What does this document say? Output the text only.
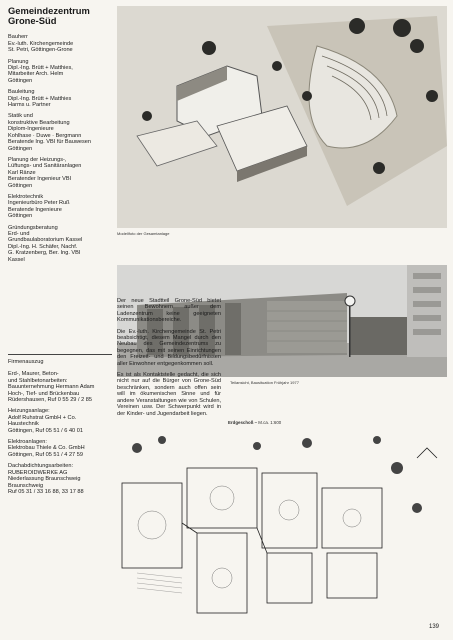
Gemeindezentrum
Grone-Süd
Bauherr
Ev.-luth. Kirchengemeinde
St. Petri, Göttingen-Grone
Planung
Dipl.-Ing. Brütt + Matthies,
Mitarbeiter Arch. Helm
Göttingen
Bauleitung
Dipl.-Ing. Brütt + Matthies
Harms u. Partner
Statik und
konstruktive Bearbeitung
Diplom-Ingenieure
Kohlhase · Duwe · Bergmann
Beratende Ing. VBI für Bauwesen
Göttingen
Planung der Heizungs-,
Lüftungs- und Sanitäranlagen
Karl Ränze
Beratender Ingenieur VBI
Göttingen
Elektrotechnik
Ingenieurbüro Peter Ruß
Beratende Ingenieure
Göttingen
Gründungsberatung
Erd- und
Grundbaulaboratorium Kassel
Dipl.-Ing. H. Schäfer, Nachf.
G. Kratzenberg, Ber. Ing. VBI
Kassel
Firmenauszug
Erd-, Maurer, Beton-
und Stahlbetonarbeiten:
Bauunternehmung Hermann Adam
Hoch-, Tief- und Brückenbau
Rüdershausen, Ruf 0 55 29 / 2 85
Heizungsanlage:
Adolf Ruhstrat GmbH + Co.
Haustechnik
Göttingen, Ruf 05 51 / 6 40 01
Elektroanlagen:
Elektrobau Thiele & Co. GmbH
Göttingen, Ruf 05 51 / 4 27 59
Dachabdichtungsarbeiten:
RUBEROIDWERKE AG
Niederlassung Braunschweig
Braunschweig
Ruf 05 31 / 33 16 88, 33 17 88
Modellfoto der Gesamtanlage
Teilansicht, Bausituation Frühjahr 1977
Der neue Stadtteil Grone-Süd bietet seinen Bewohnern außer dem Ladenzentrum keine geeigneten Kommunikationsbereiche.
Die Ev.-luth. Kirchengemeinde St. Petri beabsichtigt, diesem Mangel durch den Neubau des Gemeindezentrums zu begegnen, das mit seinen Einrichtungen den Freizeit- und Bildungsbedürfnissen aller Einwohner entgegenkommen soll.
Es ist als Kontaktstelle gedacht, die sich nicht nur auf die Bürger von Grone-Süd beschränken, sondern auch offen sein will im ökumenischen Sinne und für andere Veranstaltungen wie von Schulen, Vereinen usw. Der Schwerpunkt wird in der Kinder- und Jugendarbeit liegen.
Erdgeschoß – M.ca. 1:600
139
